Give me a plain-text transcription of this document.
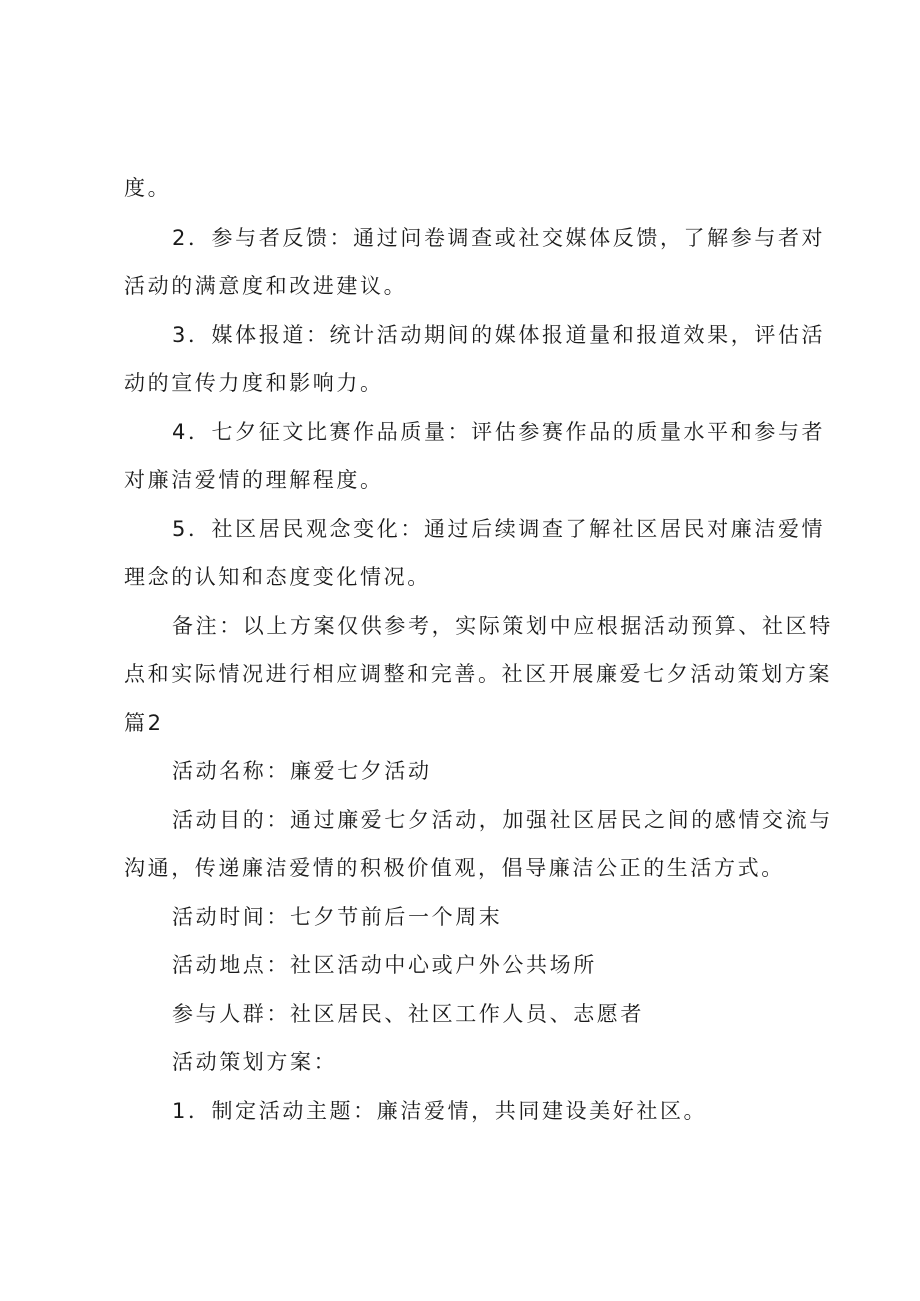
度。
2．参与者反馈：通过问卷调查或社交媒体反馈，了解参与者对
活动的满意度和改进建议。
3．媒体报道：统计活动期间的媒体报道量和报道效果，评估活
动的宣传力度和影响力。
4．七夕征文比赛作品质量：评估参赛作品的质量水平和参与者
对廉洁爱情的理解程度。
5．社区居民观念变化：通过后续调查了解社区居民对廉洁爱情
理念的认知和态度变化情况。
备注：以上方案仅供参考，实际策划中应根据活动预算、社区特
点和实际情况进行相应调整和完善。社区开展廉爱七夕活动策划方案
篇2
活动名称：廉爱七夕活动
活动目的：通过廉爱七夕活动，加强社区居民之间的感情交流与
沟通，传递廉洁爱情的积极价值观，倡导廉洁公正的生活方式。
活动时间：七夕节前后一个周末
活动地点：社区活动中心或户外公共场所
参与人群：社区居民、社区工作人员、志愿者
活动策划方案：
1．制定活动主题：廉洁爱情，共同建设美好社区。
